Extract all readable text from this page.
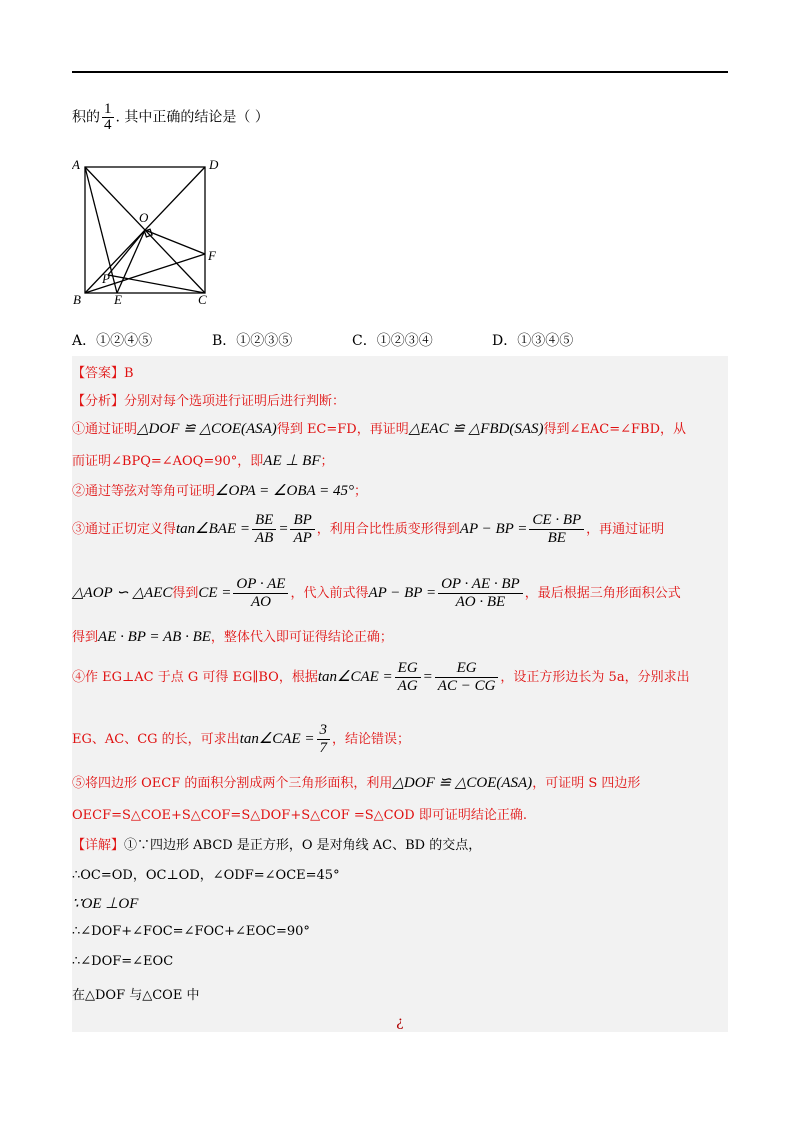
积的 $\frac{1}{4}$ . 其中正确的结论是（ ）
A	D
O
F
P
B	E	C
A．①②④⑤	B．①②③⑤	C．①②③④	D．①③④⑤
【答案】B
【分析】分别对每个选项进行证明后进行判断：
①通过证明△DOF ≌ △COE(ASA)得到 EC=FD，再证明△EAC ≌ △FBD(SAS)得到∠EAC=∠FBD，从
而证明∠BPQ=∠AOQ=90°，即AE ⊥ BF；
②通过等弦对等角可证明∠OPA = ∠OBA = 45°；
③通过正切定义得tan∠BAE = $\frac{BE}{AB} = \frac{BP}{AP}$ ，利用合比性质变形得到AP − BP = $\frac{CE \cdot BP}{BE}$ ，再通过证明
△AOP ∽ △AEC得到CE = $\frac{OP \cdot AE}{AO}$ ，代入前式得AP − BP = $\frac{OP \cdot AE \cdot BP}{AO \cdot BE}$ ，最后根据三角形面积公式
得到AE · BP = AB · BE，整体代入即可证得结论正确；
④作 EG⊥AC 于点 G 可得 EG∥BO，根据tan∠CAE = $\frac{EG}{AG} = \frac{EG}{AC - CG}$ ，设正方形边长为 5a，分别求出
EG、AC、CG 的长，可求出tan∠CAE = $\frac{3}{7}$ ，结论错误；
⑤将四边形 OECF 的面积分割成两个三角形面积，利用△DOF ≌ △COE(ASA)，可证明 S 四边形
OECF=S△COE+S△COF=S△DOF+S△COF =S△COD 即可证明结论正确.
【详解】①∵四边形 ABCD 是正方形，O 是对角线 AC、BD 的交点，
∴OC=OD，OC⊥OD，∠ODF=∠OCE=45°
∵OE ⊥OF
∴∠DOF+∠FOC=∠FOC+∠EOC=90°
∴∠DOF=∠EOC
在△DOF 与△COE 中
¿
